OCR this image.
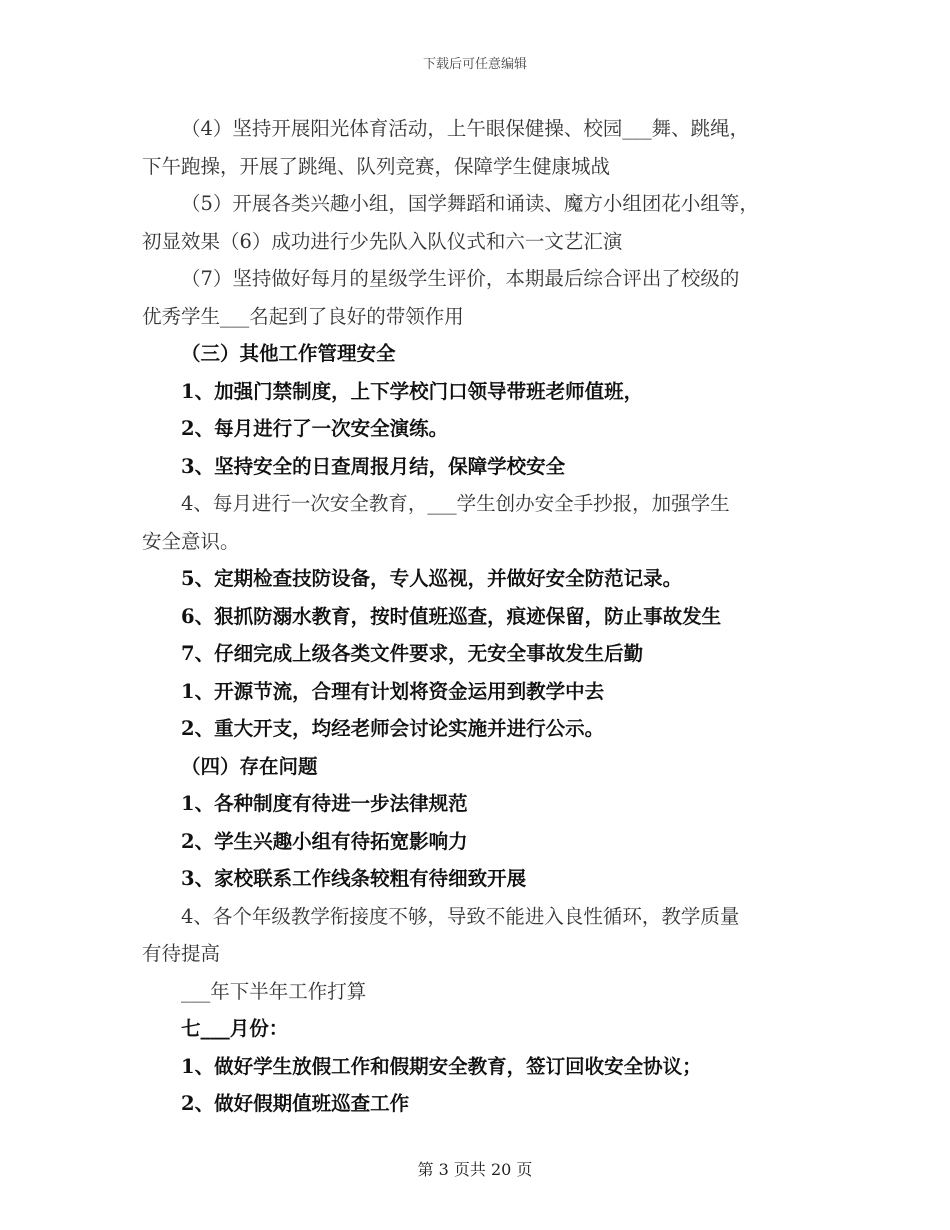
下载后可任意编辑
（4）坚持开展阳光体育活动，上午眼保健操、校园___舞、跳绳，
下午跑操，开展了跳绳、队列竞赛，保障学生健康城战
（5）开展各类兴趣小组，国学舞蹈和诵读、魔方小组团花小组等，
初显效果（6）成功进行少先队入队仪式和六一文艺汇演
（7）坚持做好每月的星级学生评价，本期最后综合评出了校级的
优秀学生___名起到了良好的带领作用
（三）其他工作管理安全
1、加强门禁制度，上下学校门口领导带班老师值班，
2、每月进行了一次安全演练。
3、坚持安全的日查周报月结，保障学校安全
4、每月进行一次安全教育，___学生创办安全手抄报，加强学生
安全意识。
5、定期检查技防设备，专人巡视，并做好安全防范记录。
6、狠抓防溺水教育，按时值班巡查，痕迹保留，防止事故发生
7、仔细完成上级各类文件要求，无安全事故发生后勤
1、开源节流，合理有计划将资金运用到教学中去
2、重大开支，均经老师会讨论实施并进行公示。
（四）存在问题
1、各种制度有待进一步法律规范
2、学生兴趣小组有待拓宽影响力
3、家校联系工作线条较粗有待细致开展
4、各个年级教学衔接度不够，导致不能进入良性循环，教学质量
有待提高
___年下半年工作打算
七___月份：
1、做好学生放假工作和假期安全教育，签订回收安全协议；
2、做好假期值班巡查工作
第 3 页共 20 页
